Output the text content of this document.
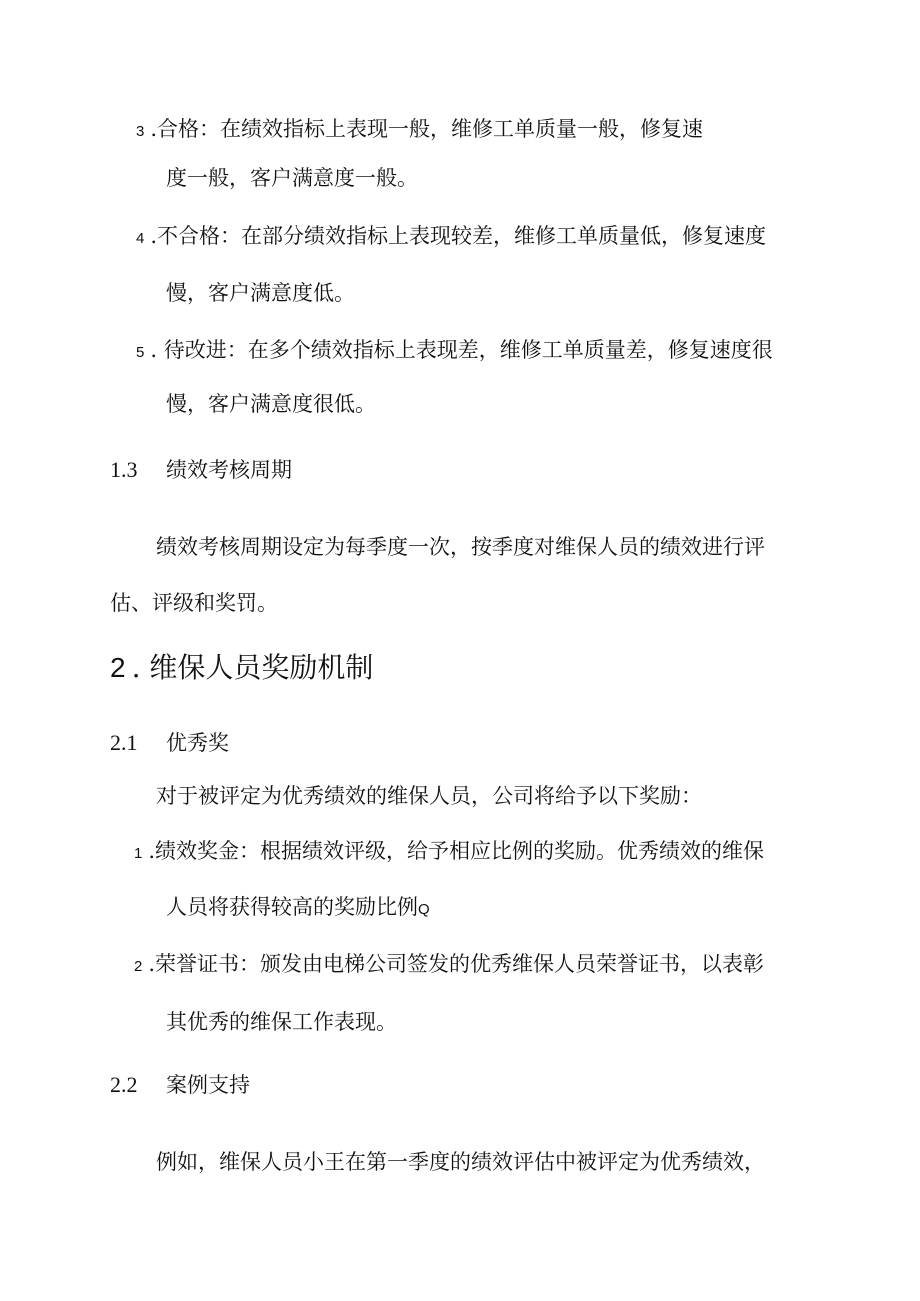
3 .合格：在绩效指标上表现一般，维修工单质量一般，修复速
度一般，客户满意度一般。
4 .不合格：在部分绩效指标上表现较差，维修工单质量低，修复速度
慢，客户满意度低。
5 . 待改进：在多个绩效指标上表现差，维修工单质量差，修复速度很
慢，客户满意度很低。
1.3 绩效考核周期
绩效考核周期设定为每季度一次，按季度对维保人员的绩效进行评
估、评级和奖罚。
2 . 维保人员奖励机制
2.1 优秀奖
对于被评定为优秀绩效的维保人员，公司将给予以下奖励：
1 .绩效奖金：根据绩效评级，给予相应比例的奖励。优秀绩效的维保
人员将获得较高的奖励比例Q
2 .荣誉证书：颁发由电梯公司签发的优秀维保人员荣誉证书，以表彰
其优秀的维保工作表现。
2.2 案例支持
例如，维保人员小王在第一季度的绩效评估中被评定为优秀绩效，
